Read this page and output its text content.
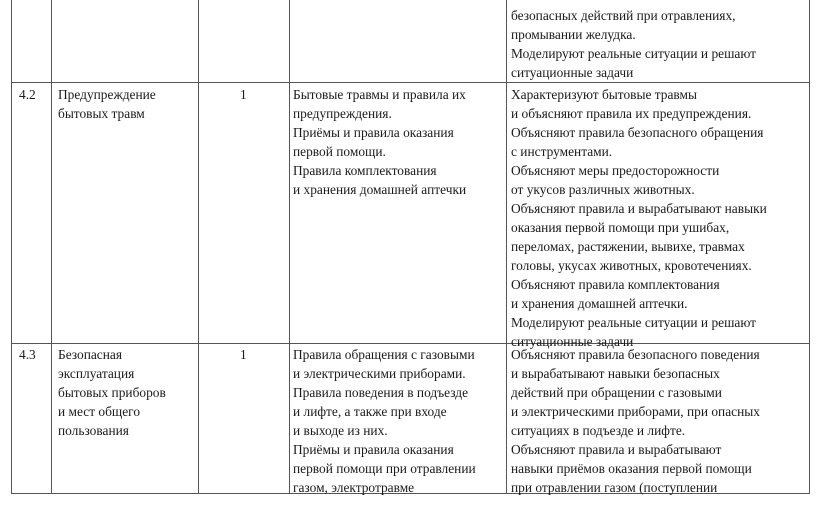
безопасных действий при отравлениях,
промывании желудка.
Моделируют реальные ситуации и решают
ситуационные задачи
4.2 Предупреждение
бытовых травм
1	Бытовые травмы и правила их
предупреждения.
Приёмы и правила оказания
первой помощи.
Правила комплектования
и хранения домашней аптечки
Характеризуют бытовые травмы
и объясняют правила их предупреждения.
Объясняют правила безопасного обращения
с инструментами.
Объясняют меры предосторожности
от укусов различных животных.
Объясняют правила и вырабатывают навыки
оказания первой помощи при ушибах,
переломах, растяжении, вывихе, травмах
головы, укусах животных, кровотечениях.
Объясняют правила комплектования
и хранения домашней аптечки.
Моделируют реальные ситуации и решают
ситуационные задачи
4.3 Безопасная
эксплуатация
бытовых приборов
и мест общего
пользования
1	Правила обращения с газовыми
и электрическими приборами.
Правила поведения в подъезде
и лифте, а также при входе
и выходе из них.
Приёмы и правила оказания
первой помощи при отравлении
газом, электротравме
Объясняют правила безопасного поведения
и вырабатывают навыки безопасных
действий при обращении с газовыми
и электрическими приборами, при опасных
ситуациях в подъезде и лифте.
Объясняют правила и вырабатывают
навыки приёмов оказания первой помощи
при отравлении газом (поступлении
